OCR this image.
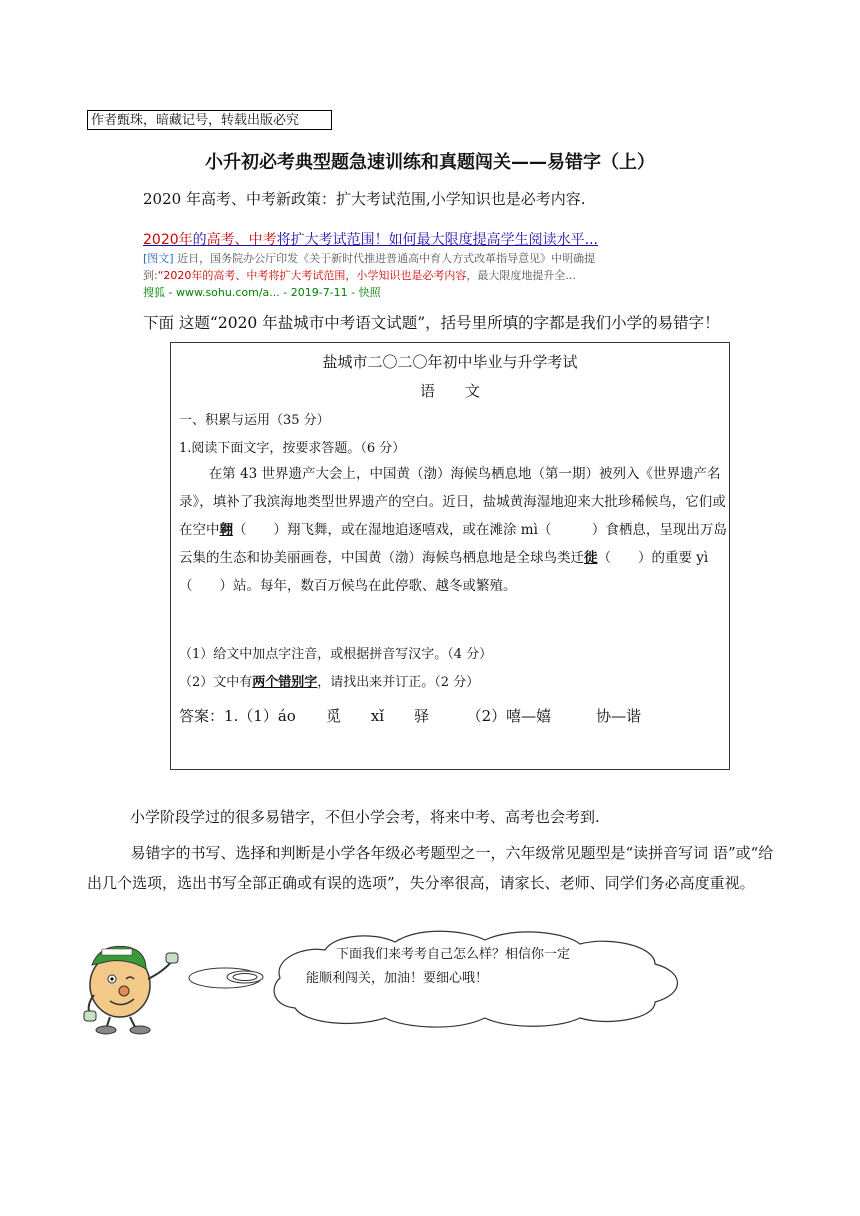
作者甄珠，暗藏记号，转载出版必究
小升初必考典型题急速训练和真题闯关——易错字（上）
2020 年高考、中考新政策：扩大考试范围,小学知识也是必考内容.
2020年的高考、中考将扩大考试范围！如何最大限度提高学生阅读水平...
[图文] 近日，国务院办公厅印发《关于新时代推进普通高中育人方式改革指导意见》中明确提
到:“2020年的高考、中考将扩大考试范围，小学知识也是必考内容，最大限度地提升全...
搜狐 - www.sohu.com/a... - 2019-7-11 - 快照
下面 这题“2020 年盐城市中考语文试题”，括号里所填的字都是我们小学的易错字！
盐城市二〇二〇年初中毕业与升学考试
语　　文
一、积累与运用（35 分）
1.阅读下面文字，按要求答题。（6 分）
在第 43 世界遗产大会上，中国黄（渤）海候鸟栖息地（第一期）被列入《世界遗产名录》，填补了我滨海地类型世界遗产的空白。近日，盐城黄海湿地迎来大批珍稀候鸟，它们或在空中翱（　　）翔飞舞，或在湿地追逐嘻戏，或在滩涂 mì（　　　）食栖息，呈现出万岛云集的生态和协美丽画卷，中国黄（渤）海候鸟栖息地是全球鸟类迁徙（　　）的重要 yì（　　）站。每年，数百万候鸟在此停歌、越冬或繁殖。
（1）给文中加点字注音，或根据拼音写汉字。（4 分）
（2）文中有两个错别字，请找出来并订正。（2 分）
答案：1.（1）áo　　觅　　xǐ　　驿　　　（2）嘻—嬉　　　协—谐
小学阶段学过的很多易错字，不但小学会考，将来中考、高考也会考到.
易错字的书写、选择和判断是小学各年级必考题型之一，六年级常见题型是“读拼音写词 语”或“给出几个选项，选出书写全部正确或有误的选项”，失分率很高，请家长、老师、同学们务必高度重视。
下面我们来考考自己怎么样？相信你一定
能顺利闯关，加油！要细心哦！
